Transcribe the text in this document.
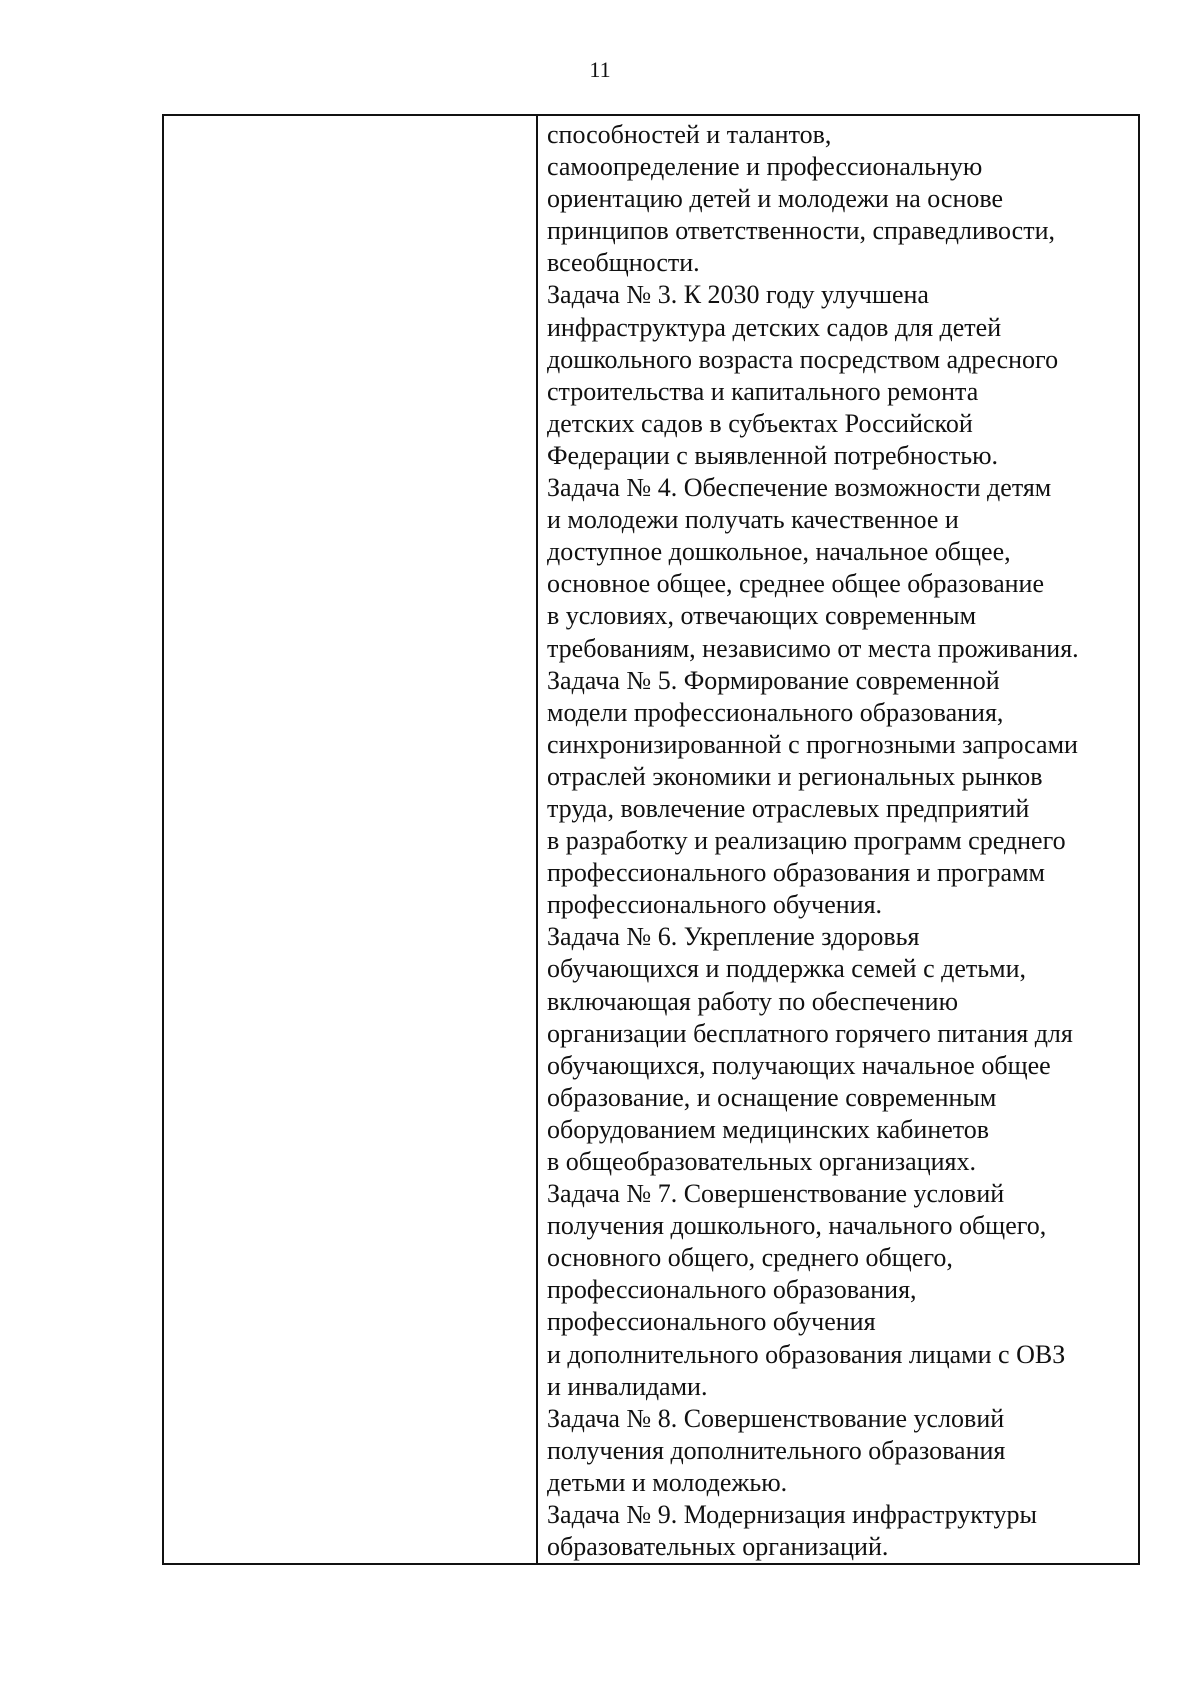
11

способностей и талантов,
самоопределение и профессиональную
ориентацию детей и молодежи на основе
принципов ответственности, справедливости,
всеобщности.
Задача № 3. К 2030 году улучшена
инфраструктура детских садов для детей
дошкольного возраста посредством адресного
строительства и капитального ремонта
детских садов в субъектах Российской
Федерации с выявленной потребностью.
Задача № 4. Обеспечение возможности детям
и молодежи получать качественное и
доступное дошкольное, начальное общее,
основное общее, среднее общее образование
в условиях, отвечающих современным
требованиям, независимо от места проживания.
Задача № 5. Формирование современной
модели профессионального образования,
синхронизированной с прогнозными запросами
отраслей экономики и региональных рынков
труда, вовлечение отраслевых предприятий
в разработку и реализацию программ среднего
профессионального образования и программ
профессионального обучения.
Задача № 6. Укрепление здоровья
обучающихся и поддержка семей с детьми,
включающая работу по обеспечению
организации бесплатного горячего питания для
обучающихся, получающих начальное общее
образование, и оснащение современным
оборудованием медицинских кабинетов
в общеобразовательных организациях.
Задача № 7. Совершенствование условий
получения дошкольного, начального общего,
основного общего, среднего общего,
профессионального образования,
профессионального обучения
и дополнительного образования лицами с ОВЗ
и инвалидами.
Задача № 8. Совершенствование условий
получения дополнительного образования
детьми и молодежью.
Задача № 9. Модернизация инфраструктуры
образовательных организаций.
